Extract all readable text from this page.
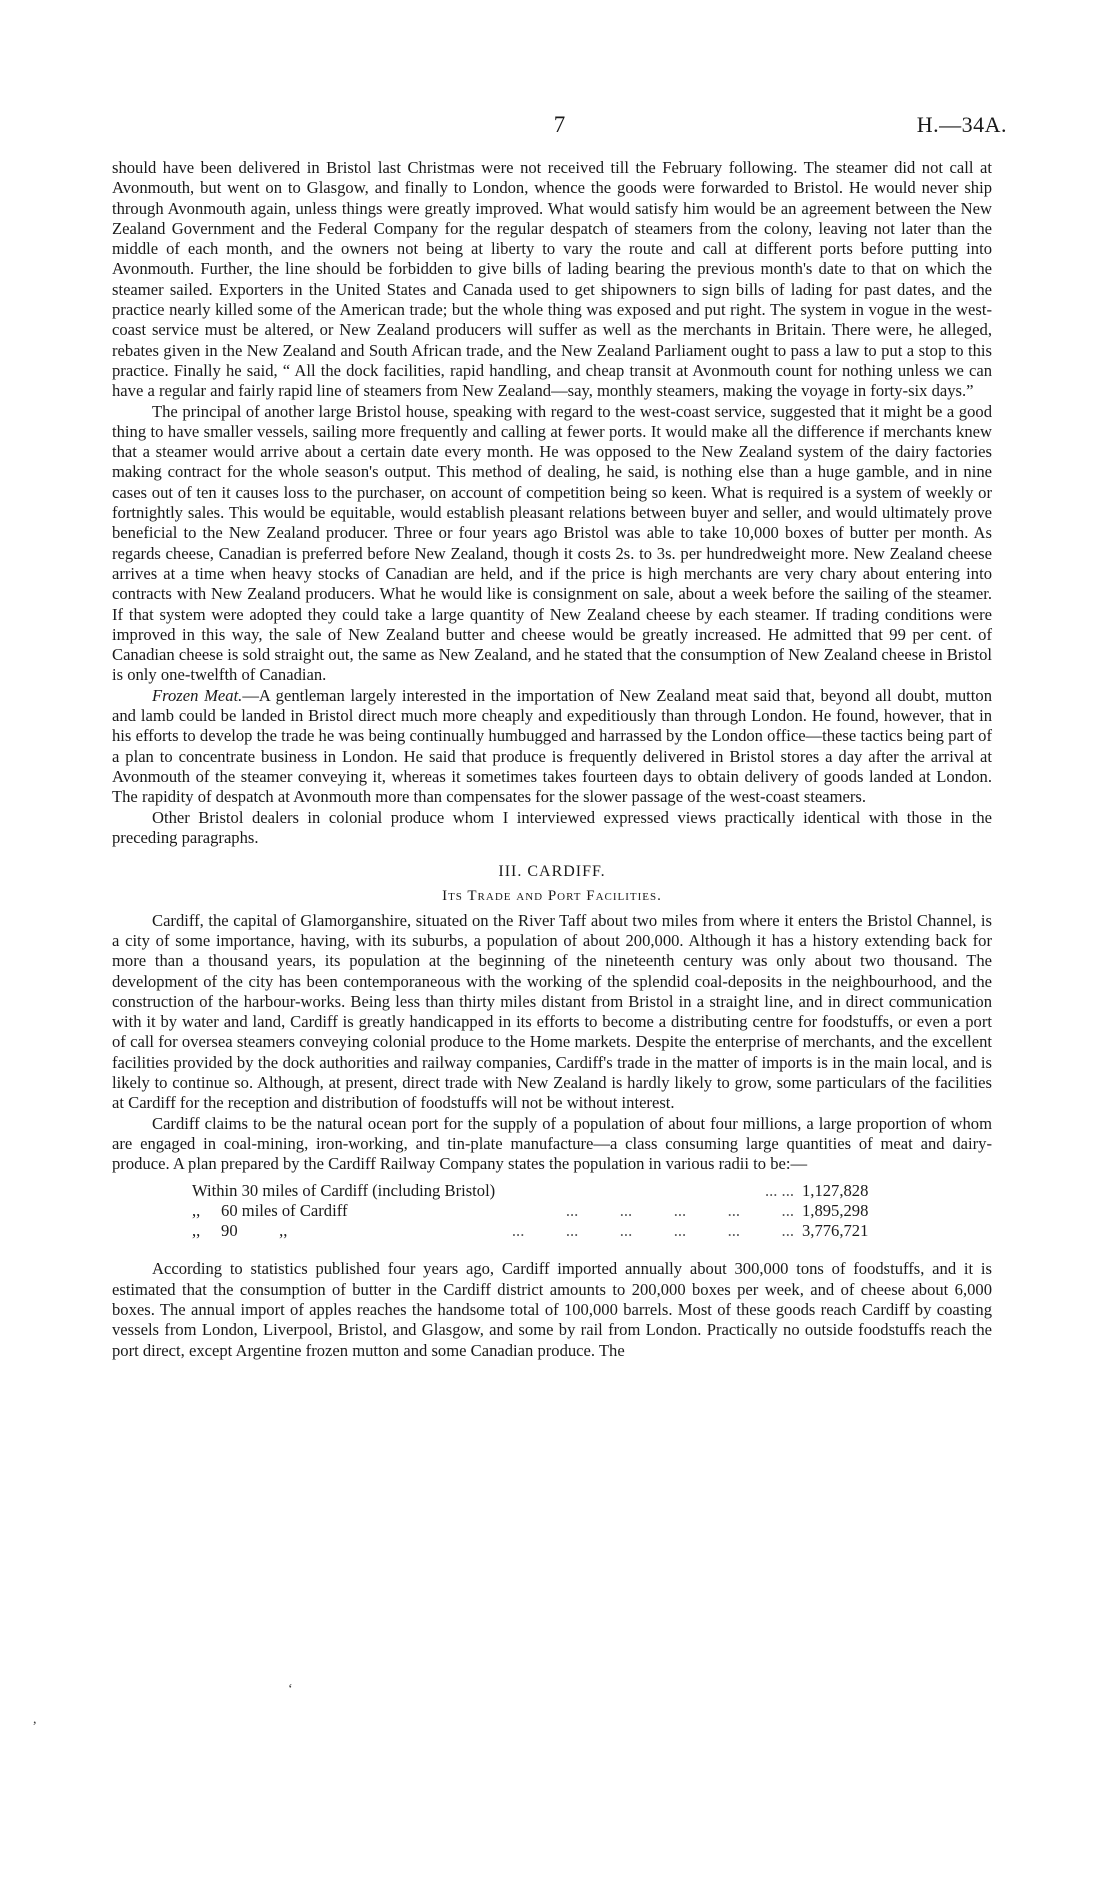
7	H.—34A.

should have been delivered in Bristol last Christmas were not received till the February following. The steamer did not call at Avonmouth, but went on to Glasgow, and finally to London, whence the goods were forwarded to Bristol. He would never ship through Avonmouth again, unless things were greatly improved. What would satisfy him would be an agreement between the New Zealand Government and the Federal Company for the regular despatch of steamers from the colony, leaving not later than the middle of each month, and the owners not being at liberty to vary the route and call at different ports before putting into Avonmouth. Further, the line should be forbidden to give bills of lading bearing the previous month's date to that on which the steamer sailed. Exporters in the United States and Canada used to get shipowners to sign bills of lading for past dates, and the practice nearly killed some of the American trade; but the whole thing was exposed and put right. The system in vogue in the west-coast service must be altered, or New Zealand producers will suffer as well as the merchants in Britain. There were, he alleged, rebates given in the New Zealand and South African trade, and the New Zealand Parliament ought to pass a law to put a stop to this practice. Finally he said, “ All the dock facilities, rapid handling, and cheap transit at Avonmouth count for nothing unless we can have a regular and fairly rapid line of steamers from New Zealand—say, monthly steamers, making the voyage in forty-six days.”

The principal of another large Bristol house, speaking with regard to the west-coast service, suggested that it might be a good thing to have smaller vessels, sailing more frequently and calling at fewer ports. It would make all the difference if merchants knew that a steamer would arrive about a certain date every month. He was opposed to the New Zealand system of the dairy factories making contract for the whole season's output. This method of dealing, he said, is nothing else than a huge gamble, and in nine cases out of ten it causes loss to the purchaser, on account of competition being so keen. What is required is a system of weekly or fortnightly sales. This would be equitable, would establish pleasant relations between buyer and seller, and would ultimately prove beneficial to the New Zealand producer. Three or four years ago Bristol was able to take 10,000 boxes of butter per month. As regards cheese, Canadian is preferred before New Zealand, though it costs 2s. to 3s. per hundredweight more. New Zealand cheese arrives at a time when heavy stocks of Canadian are held, and if the price is high merchants are very chary about entering into contracts with New Zealand producers. What he would like is consignment on sale, about a week before the sailing of the steamer. If that system were adopted they could take a large quantity of New Zealand cheese by each steamer. If trading conditions were improved in this way, the sale of New Zealand butter and cheese would be greatly increased. He admitted that 99 per cent. of Canadian cheese is sold straight out, the same as New Zealand, and he stated that the consumption of New Zealand cheese in Bristol is only one-twelfth of Canadian.

Frozen Meat.—A gentleman largely interested in the importation of New Zealand meat said that, beyond all doubt, mutton and lamb could be landed in Bristol direct much more cheaply and expeditiously than through London. He found, however, that in his efforts to develop the trade he was being continually humbugged and harrassed by the London office—these tactics being part of a plan to concentrate business in London. He said that produce is frequently delivered in Bristol stores a day after the arrival at Avonmouth of the steamer conveying it, whereas it sometimes takes fourteen days to obtain delivery of goods landed at London. The rapidity of despatch at Avonmouth more than compensates for the slower passage of the west-coast steamers.

Other Bristol dealers in colonial produce whom I interviewed expressed views practically identical with those in the preceding paragraphs.

III. CARDIFF.
Its Trade and Port Facilities.

Cardiff, the capital of Glamorganshire, situated on the River Taff about two miles from where it enters the Bristol Channel, is a city of some importance, having, with its suburbs, a population of about 200,000. Although it has a history extending back for more than a thousand years, its population at the beginning of the nineteenth century was only about two thousand. The development of the city has been contemporaneous with the working of the splendid coal-deposits in the neighbourhood, and the construction of the harbour-works. Being less than thirty miles distant from Bristol in a straight line, and in direct communication with it by water and land, Cardiff is greatly handicapped in its efforts to become a distributing centre for foodstuffs, or even a port of call for oversea steamers conveying colonial produce to the Home markets. Despite the enterprise of merchants, and the excellent facilities provided by the dock authorities and railway companies, Cardiff's trade in the matter of imports is in the main local, and is likely to continue so. Although, at present, direct trade with New Zealand is hardly likely to grow, some particulars of the facilities at Cardiff for the reception and distribution of foodstuffs will not be without interest.

Cardiff claims to be the natural ocean port for the supply of a population of about four millions, a large proportion of whom are engaged in coal-mining, iron-working, and tin-plate manufacture—a class consuming large quantities of meat and dairy-produce. A plan prepared by the Cardiff Railway Company states the population in various radii to be:—

Within 30 miles of Cardiff (including Bristol)	... ... 1,127,828
,,     60 miles of Cardiff	...          ...          ...          ...          ... 1,895,298
,,     90          ,,	...          ...          ...          ...          ...          ... 3,776,721

According to statistics published four years ago, Cardiff imported annually about 300,000 tons of foodstuffs, and it is estimated that the consumption of butter in the Cardiff district amounts to 200,000 boxes per week, and of cheese about 6,000 boxes. The annual import of apples reaches the handsome total of 100,000 barrels. Most of these goods reach Cardiff by coasting vessels from London, Liverpool, Bristol, and Glasgow, and some by rail from London. Practically no outside foodstuffs reach the port direct, except Argentine frozen mutton and some Canadian produce. The

,
‘
